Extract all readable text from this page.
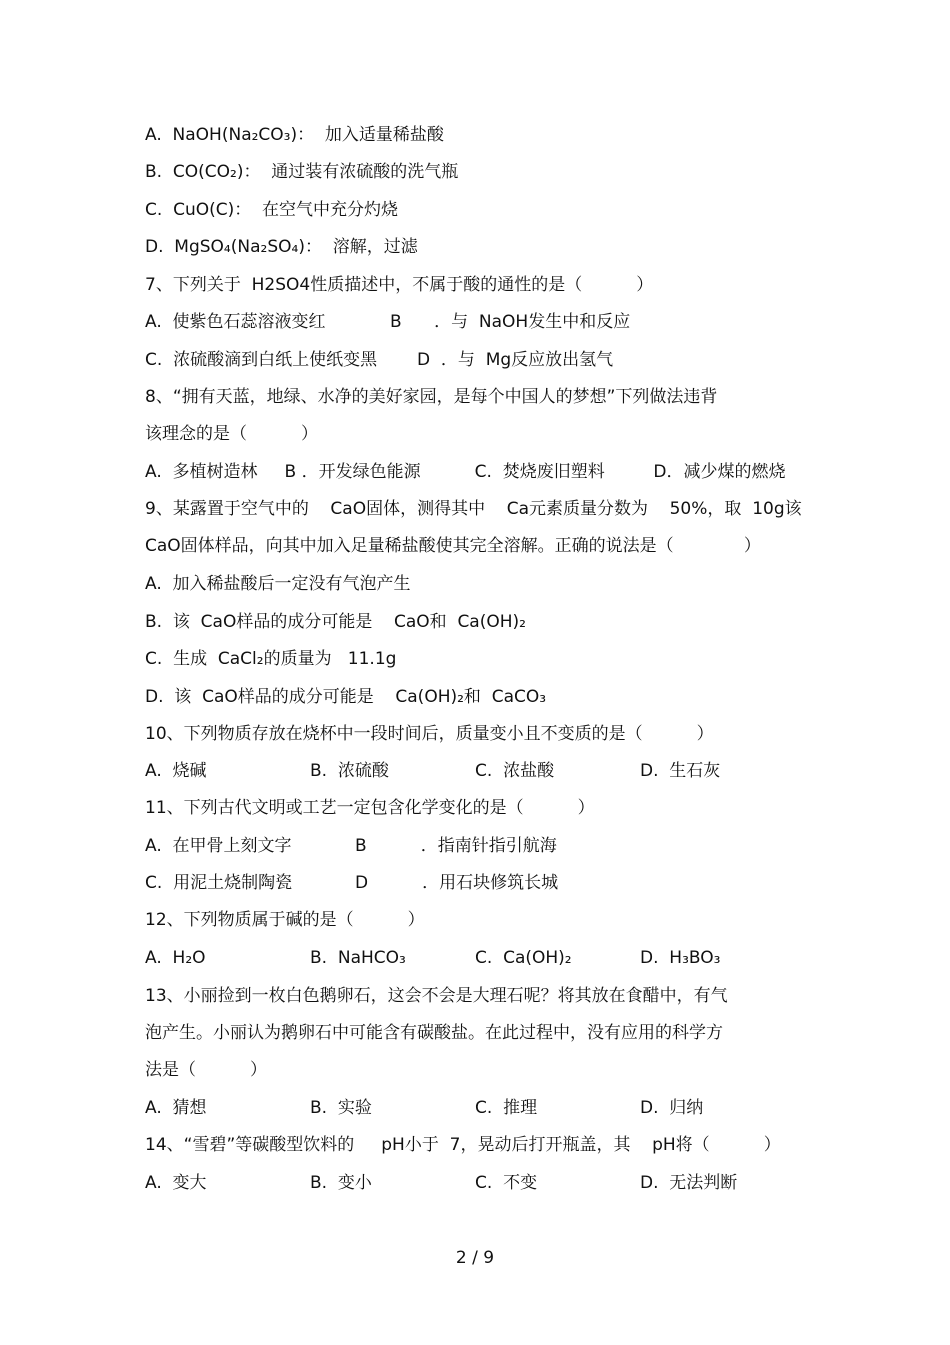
A.  NaOH(Na₂CO₃)：  加入适量稀盐酸
B.  CO(CO₂)：  通过装有浓硫酸的洗气瓶
C.  CuO(C)：  在空气中充分灼烧
D.  MgSO₄(Na₂SO₄)：  溶解，过滤
7、下列关于  H2SO4性质描述中，不属于酸的通性的是（          ）
A.  使紫色石蕊溶液变红	B      ．与  NaOH发生中和反应
C.  浓硫酸滴到白纸上使纸变黑 D  ．与  Mg反应放出氢气
8、“拥有天蓝，地绿、水净的美好家园，是每个中国人的梦想”下列做法违背
该理念的是（          ）
A.  多植树造林     B ．开发绿色能源          C.  焚烧废旧塑料         D．减少煤的燃烧
9、某露置于空气中的    CaO固体，测得其中    Ca元素质量分数为    50%，取  10g该
CaO固体样品，向其中加入足量稀盐酸使其完全溶解。正确的说法是（             ）
A.  加入稀盐酸后一定没有气泡产生
B.  该  CaO样品的成分可能是    CaO和  Ca(OH)₂
C.  生成  CaCl₂的质量为   11.1g
D.  该  CaO样品的成分可能是    Ca(OH)₂和  CaCO₃
10、下列物质存放在烧杯中一段时间后，质量变小且不变质的是（          ）
A.  烧碱	B.  浓硫酸	C.  浓盐酸	D.  生石灰
11、下列古代文明或工艺一定包含化学变化的是（          ）
A.  在甲骨上刻文字	B          ．指南针指引航海
C.  用泥土烧制陶瓷	D          ．用石块修筑长城
12、下列物质属于碱的是（          ）
A.  H₂O	B.  NaHCO₃	C.  Ca(OH)₂	D.  H₃BO₃
13、小丽捡到一枚白色鹅卵石，这会不会是大理石呢？将其放在食醋中，有气
泡产生。小丽认为鹅卵石中可能含有碳酸盐。在此过程中，没有应用的科学方
法是（          ）
A.  猜想	B.  实验	C.  推理	D.  归纳
14、“雪碧”等碳酸型饮料的     pH小于  7，晃动后打开瓶盖，其    pH将（          ）
A.  变大	B.  变小	C.  不变	D.  无法判断
2 / 9
